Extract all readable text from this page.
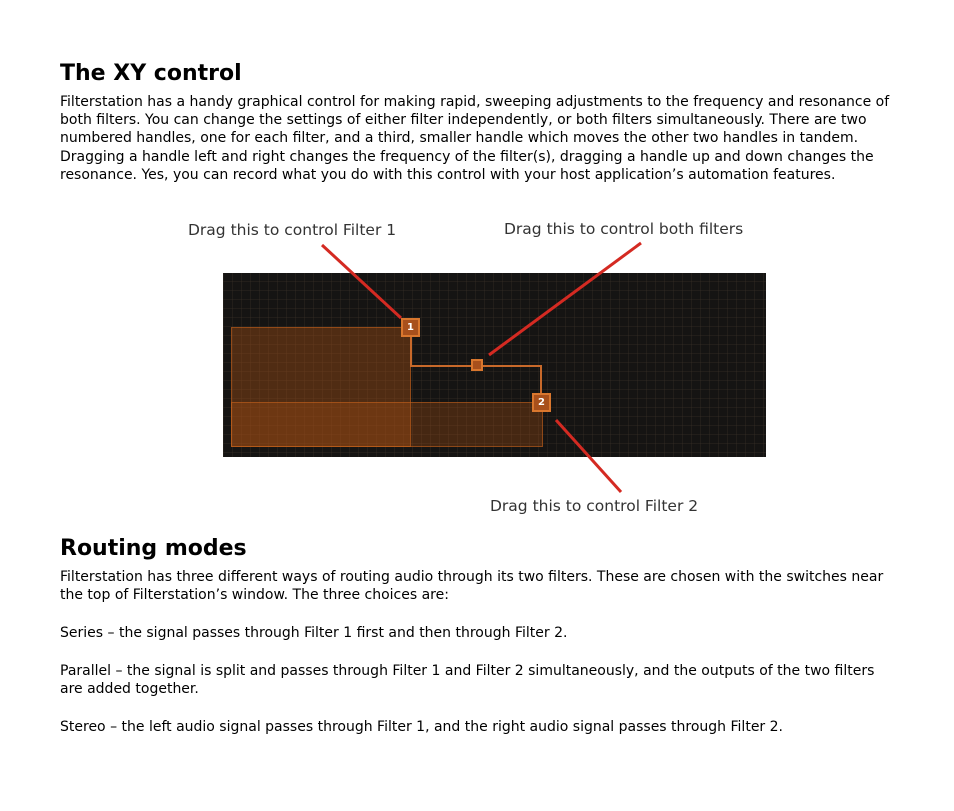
The XY control

Filterstation has a handy graphical control for making rapid, sweeping adjustments to the frequency and resonance of both filters. You can change the settings of either filter independently, or both filters simultaneously. There are two numbered handles, one for each filter, and a third, smaller handle which moves the other two handles in tandem. Dragging a handle left and right changes the frequency of the filter(s), dragging a handle up and down changes the resonance. Yes, you can record what you do with this control with your host application’s automation features.

Drag this to control Filter 1	Drag this to control both filters
1
2
Drag this to control Filter 2
Routing modes

Filterstation has three different ways of routing audio through its two filters. These are chosen with the switches near the top of Filterstation’s window. The three choices are:

Series – the signal passes through Filter 1 first and then through Filter 2.

Parallel – the signal is split and passes through Filter 1 and Filter 2 simultaneously, and the outputs of the two filters are added together.

Stereo – the left audio signal passes through Filter 1, and the right audio signal passes through Filter 2.
